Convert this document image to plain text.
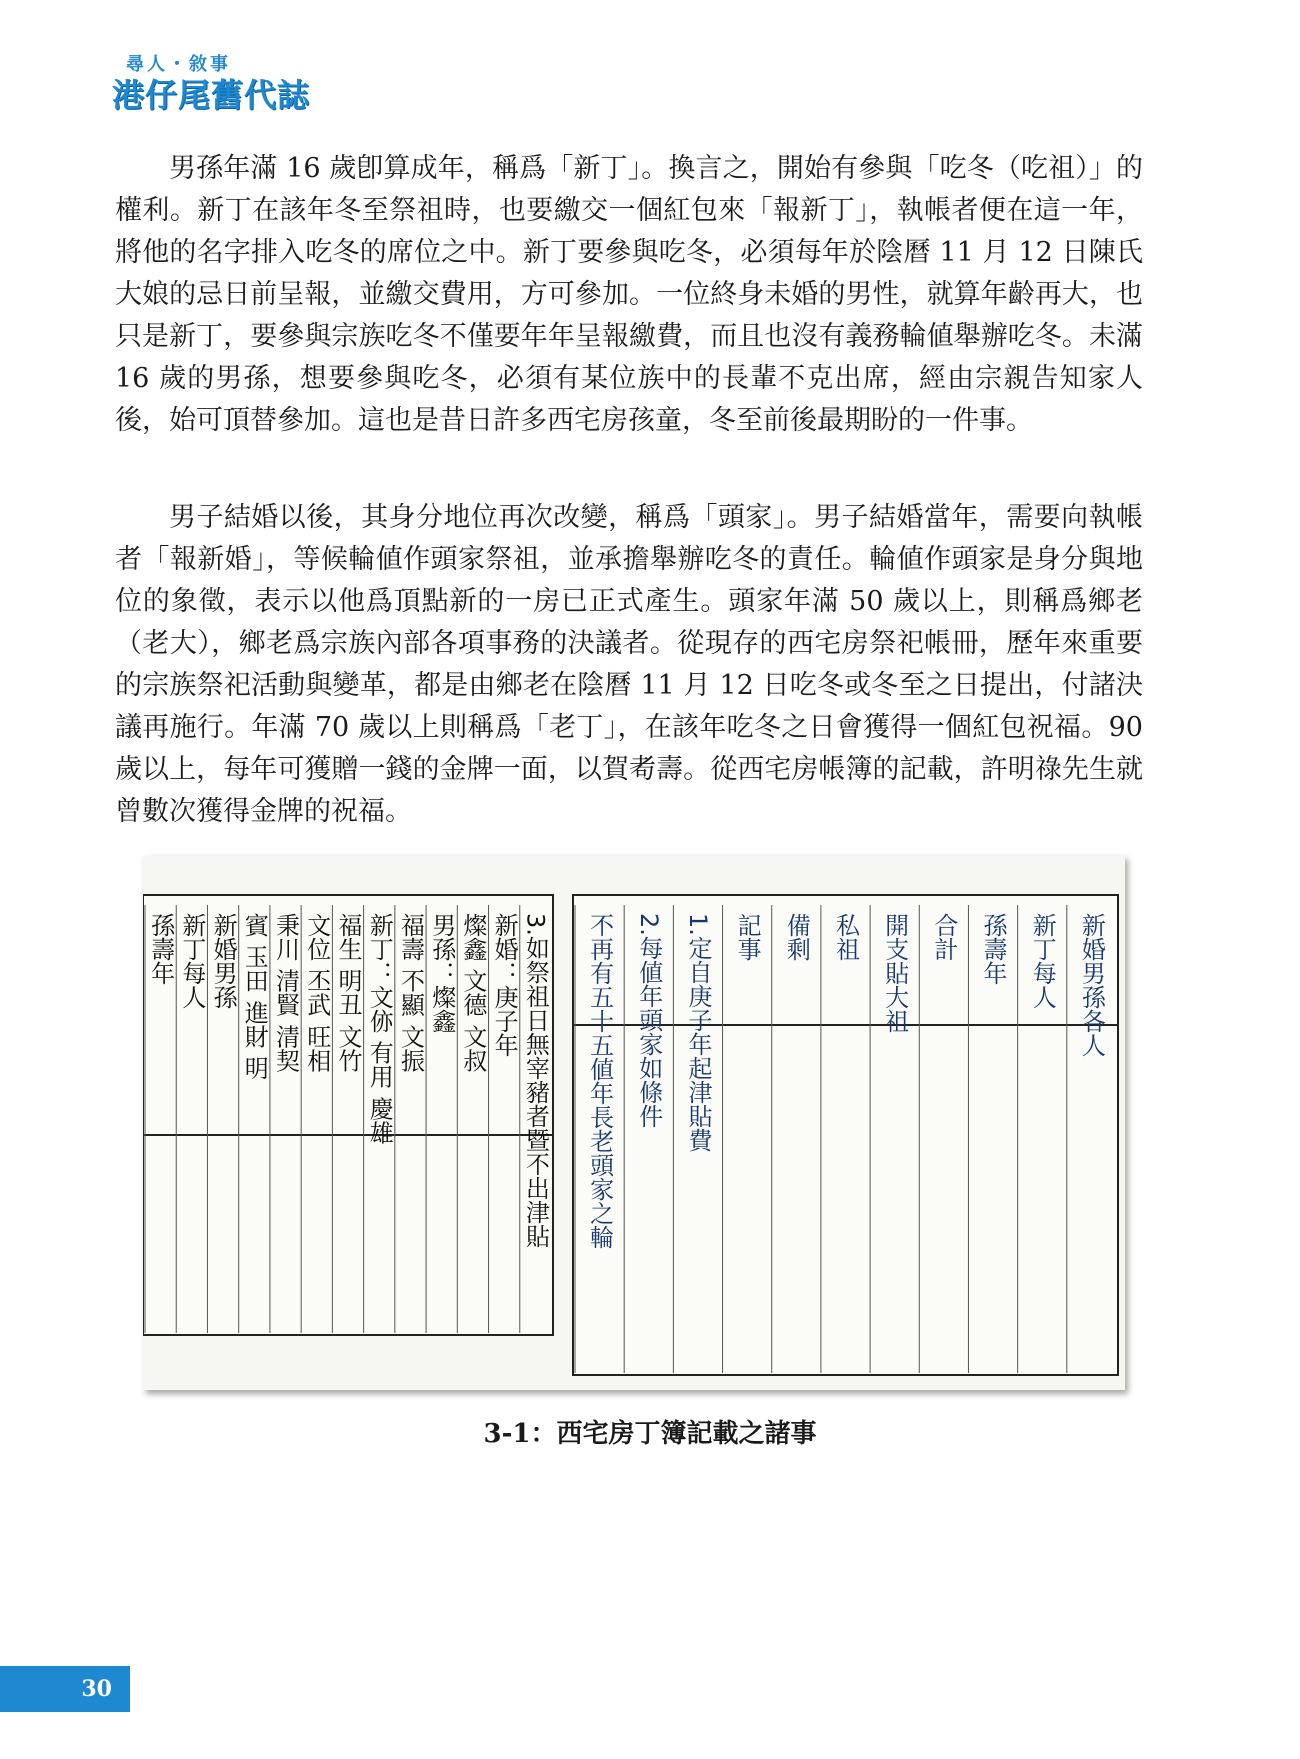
尋人・敘事
港仔尾舊代誌

男孫年滿 16 歲卽算成年，稱爲「新丁」。換言之，開始有參與「吃冬（吃祖）」的權利。新丁在該年冬至祭祖時，也要繳交一個紅包來「報新丁」，執帳者便在這一年，將他的名字排入吃冬的席位之中。新丁要參與吃冬，必須每年於陰曆 11 月 12 日陳氏大娘的忌日前呈報，並繳交費用，方可參加。一位終身未婚的男性，就算年齡再大，也只是新丁，要參與宗族吃冬不僅要年年呈報繳費，而且也沒有義務輪値舉辦吃冬。未滿 16 歲的男孫，想要參與吃冬，必須有某位族中的長輩不克出席，經由宗親告知家人後，始可頂替參加。這也是昔日許多西宅房孩童，冬至前後最期盼的一件事。

男子結婚以後，其身分地位再次改變，稱爲「頭家」。男子結婚當年，需要向執帳者「報新婚」，等候輪値作頭家祭祖，並承擔舉辦吃冬的責任。輪値作頭家是身分與地位的象徵，表示以他爲頂點新的一房已正式產生。頭家年滿 50 歲以上，則稱爲鄉老（老大），鄉老爲宗族內部各項事務的決議者。從現存的西宅房祭祀帳冊，歷年來重要的宗族祭祀活動與變革，都是由鄉老在陰曆 11 月 12 日吃冬或冬至之日提出，付諸決議再施行。年滿 70 歲以上則稱爲「老丁」，在該年吃冬之日會獲得一個紅包祝福。90 歲以上，每年可獲贈一錢的金牌一面，以賀耇壽。從西宅房帳簿的記載，許明祿先生就曾數次獲得金牌的祝福。

3.如祭祖日無宰豬者暨不出津貼
新婚：庚子年
燦鑫 文德 文叔
男孫：燦鑫
福壽 不顯 文振
新丁：文㑊 有用 慶雄
福生 明丑 文竹
文位 丕武 旺相
秉川 清賢 清契
賓 玉田 進財 明
新婚男孫
新丁每人
孫壽年	新婚男孫各人
新丁每人
孫壽年
合計
開支貼大祖
私祖
備剩
記事
1.定自庚子年起津貼費
2.每値年頭家如條件
不再有五十五値年長老頭家之輪
3-1：西宅房丁簿記載之諸事
30
